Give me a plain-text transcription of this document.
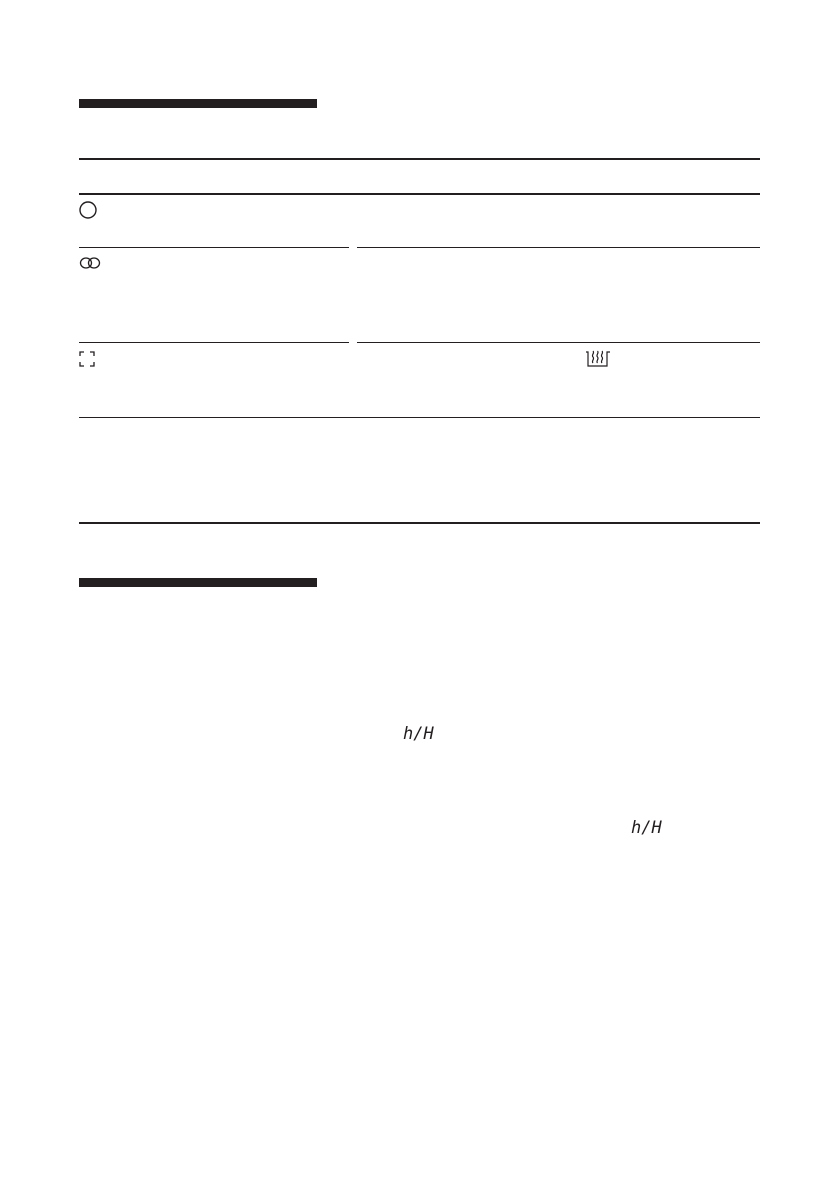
h/H
h/H
